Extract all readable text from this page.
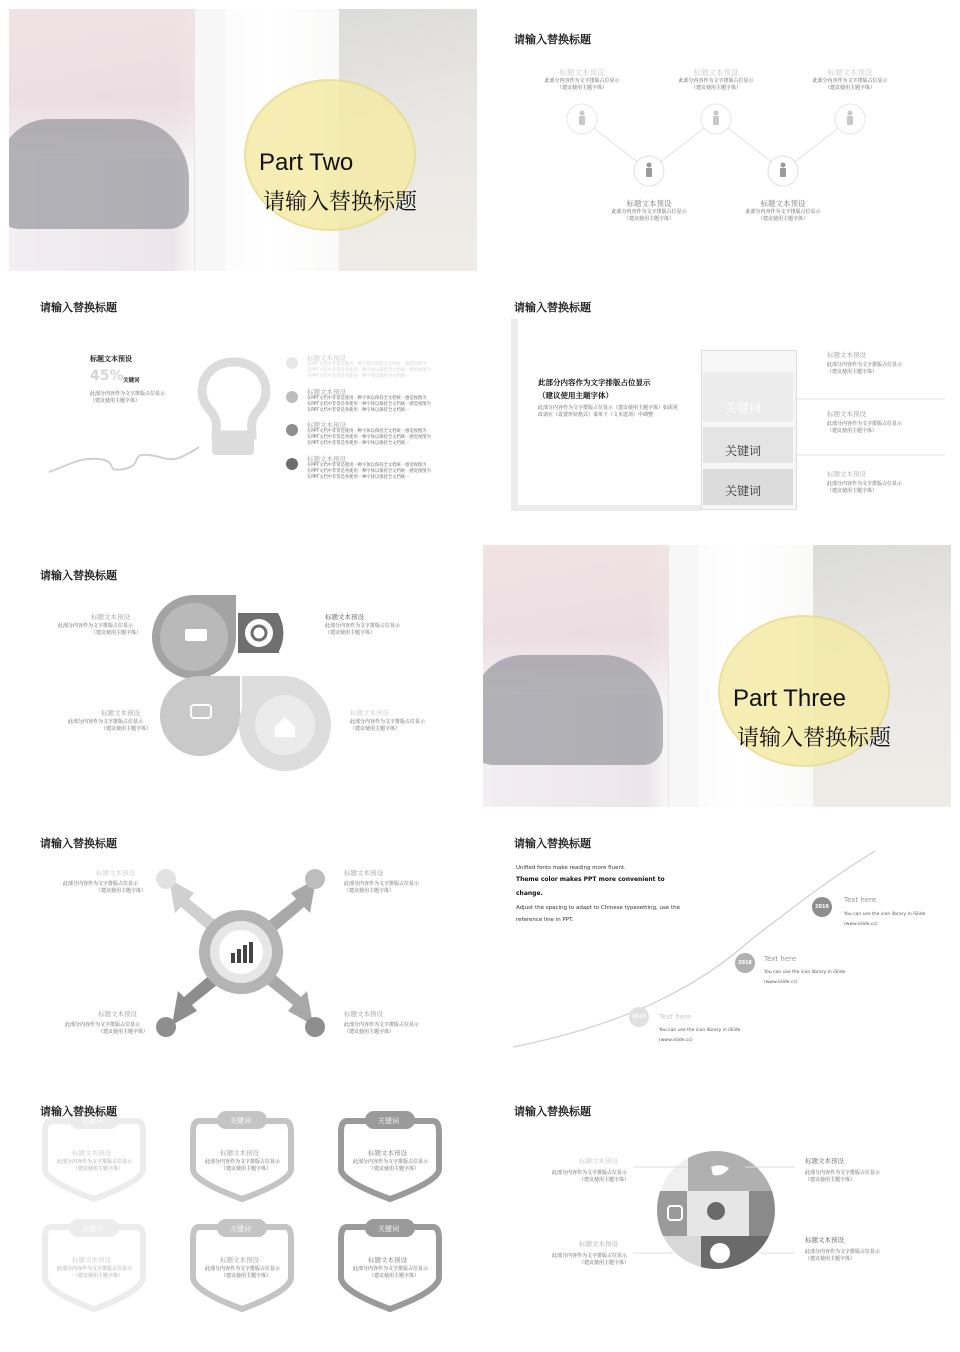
Part Two
请输入替换标题
请输入替换标题
标题文本预设
此部分内容作为文字排版占位显示
（建议使用主题字体）
标题文本预设
此部分内容作为文字排版占位显示
（建议使用主题字体）
标题文本预设
此部分内容作为文字排版占位显示
（建议使用主题字体）
标题文本预设
此部分内容作为文字排版占位显示
（建议使用主题字体）
标题文本预设
此部分内容作为文字排版占位显示
（建议使用主题字体）
请输入替换标题
标题文本预设
45% 关键词
此部分内容作为文字排版占位显示
（建议使用主题字体）
标题文本预设
在PPT文档中非常是使用一种字体以保持全文档统一感觉视图为
在PPT文档中非常是各使用一种字体以保持全文档统一感觉视图为
在PPT文档中非常是各使用一种字体以保持全文档统一
标题文本预设
在PPT文档中非常是使用一种字体以保持全文档统一感觉视图为
在PPT文档中非常是各使用一种字体以保持全文档统一感觉视图为
在PPT文档中非常是各使用一种字体以保持全文档统一
标题文本预设
在PPT文档中非常是使用一种字体以保持全文档统一感觉视图为
在PPT文档中非常是各使用一种字体以保持全文档统一感觉视图为
在PPT文档中非常是各使用一种字体以保持全文档统一
标题文本预设
在PPT文档中非常是使用一种字体以保持全文档统一感觉视图为
在PPT文档中非常是各使用一种字体以保持全文档统一感觉视图为
在PPT文档中非常是各使用一种字体以保持全文档统一
请输入替换标题
此部分内容作为文字排版占位显示
（建议使用主题字体）
此部分内容作为文字排版占位显示（建议使用主题字体）如需更
改请在（设置形状格式）菜单下（文本选项）中调整	关键词
关键词
关键词
标题文本预设
此部分内容作为文字排版占位显示
（建议使用主题字体）
标题文本预设
此部分内容作为文字排版占位显示
（建议使用主题字体）
标题文本预设
此部分内容作为文字排版占位显示
（建议使用主题字体）
请输入替换标题
标题文本预设
此部分内容作为文字排版占位显示
（建议使用主题字体）
标题文本预设
此部分内容作为文字排版占位显示
（建议使用主题字体）
标题文本预设
此部分内容作为文字排版占位显示
（建议使用主题字体）
标题文本预设
此部分内容作为文字排版占位显示
（建议使用主题字体）
Part Three
请输入替换标题
请输入替换标题
标题文本预设
此部分内容作为文字排版占位显示
（建议使用主题字体）
标题文本预设
此部分内容作为文字排版占位显示
（建议使用主题字体）
标题文本预设
此部分内容作为文字排版占位显示
（建议使用主题字体）
标题文本预设
此部分内容作为文字排版占位显示
（建议使用主题字体）
请输入替换标题
Unified fonts make reading more fluent.
Theme color makes PPT more convenient to
change.
Adjust the spacing to adapt to Chinese typesetting, use the
reference line in PPT.
2017
2018
2019
Text here
You can use the icon library in iSlide
(www.islide.cc)
Text here
You can use the icon library in iSlide
(www.islide.cc)
Text here
You can use the icon library in iSlide
(www.islide.cc)
请输入替换标题
关键词	关键词	关键词
关键词	关键词	关键词
标题文本预设
此部分内容作为文字排版占位显示
（建议使用主题字体）
标题文本预设
此部分内容作为文字排版占位显示
（建议使用主题字体）
标题文本预设
此部分内容作为文字排版占位显示
（建议使用主题字体）
标题文本预设
此部分内容作为文字排版占位显示
（建议使用主题字体）
标题文本预设
此部分内容作为文字排版占位显示
（建议使用主题字体）
标题文本预设
此部分内容作为文字排版占位显示
（建议使用主题字体）
请输入替换标题
标题文本预设
此部分内容作为文字排版占位显示
（建议使用主题字体）
标题文本预设
此部分内容作为文字排版占位显示
（建议使用主题字体）
标题文本预设
此部分内容作为文字排版占位显示
（建议使用主题字体）
标题文本预设
此部分内容作为文字排版占位显示
（建议使用主题字体）
